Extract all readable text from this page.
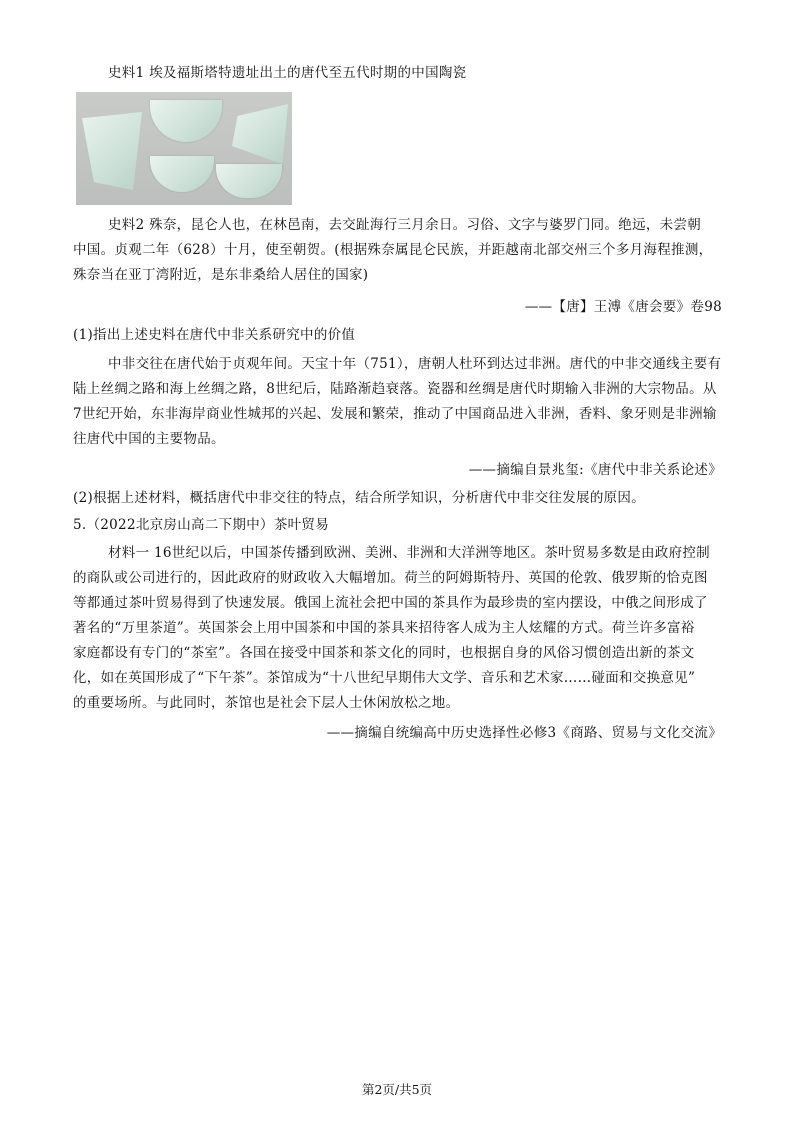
史料1 埃及福斯塔特遗址出土的唐代至五代时期的中国陶瓷
史料2 殊奈，昆仑人也，在林邑南，去交趾海行三月余日。习俗、文字与婆罗门同。绝远，未尝朝
中国。贞观二年（628）十月，使至朝贺。(根据殊奈属昆仑民族，并距越南北部交州三个多月海程推测，
殊奈当在亚丁湾附近，是东非桑给人居住的国家)
——【唐】王溥《唐会要》卷98
(1)指出上述史料在唐代中非关系研究中的价值
中非交往在唐代始于贞观年间。天宝十年（751），唐朝人杜环到达过非洲。唐代的中非交通线主要有
陆上丝绸之路和海上丝绸之路，8世纪后，陆路渐趋衰落。瓷器和丝绸是唐代时期输入非洲的大宗物品。从
7世纪开始，东非海岸商业性城邦的兴起、发展和繁荣，推动了中国商品进入非洲，香料、象牙则是非洲输
往唐代中国的主要物品。
——摘编自景兆玺:《唐代中非关系论述》
(2)根据上述材料，概括唐代中非交往的特点，结合所学知识，分析唐代中非交往发展的原因。
5.（2022北京房山高二下期中）茶叶贸易
材料一 16世纪以后，中国茶传播到欧洲、美洲、非洲和大洋洲等地区。茶叶贸易多数是由政府控制
的商队或公司进行的，因此政府的财政收入大幅增加。荷兰的阿姆斯特丹、英国的伦敦、俄罗斯的恰克图
等都通过茶叶贸易得到了快速发展。俄国上流社会把中国的茶具作为最珍贵的室内摆设，中俄之间形成了
著名的“万里茶道”。英国茶会上用中国茶和中国的茶具来招待客人成为主人炫耀的方式。荷兰许多富裕
家庭都设有专门的“茶室”。各国在接受中国茶和茶文化的同时，也根据自身的风俗习惯创造出新的茶文
化，如在英国形成了“下午茶”。茶馆成为“十八世纪早期伟大文学、音乐和艺术家……碰面和交换意见”
的重要场所。与此同时，茶馆也是社会下层人士休闲放松之地。
——摘编自统编高中历史选择性必修3《商路、贸易与文化交流》
第2页/共5页
